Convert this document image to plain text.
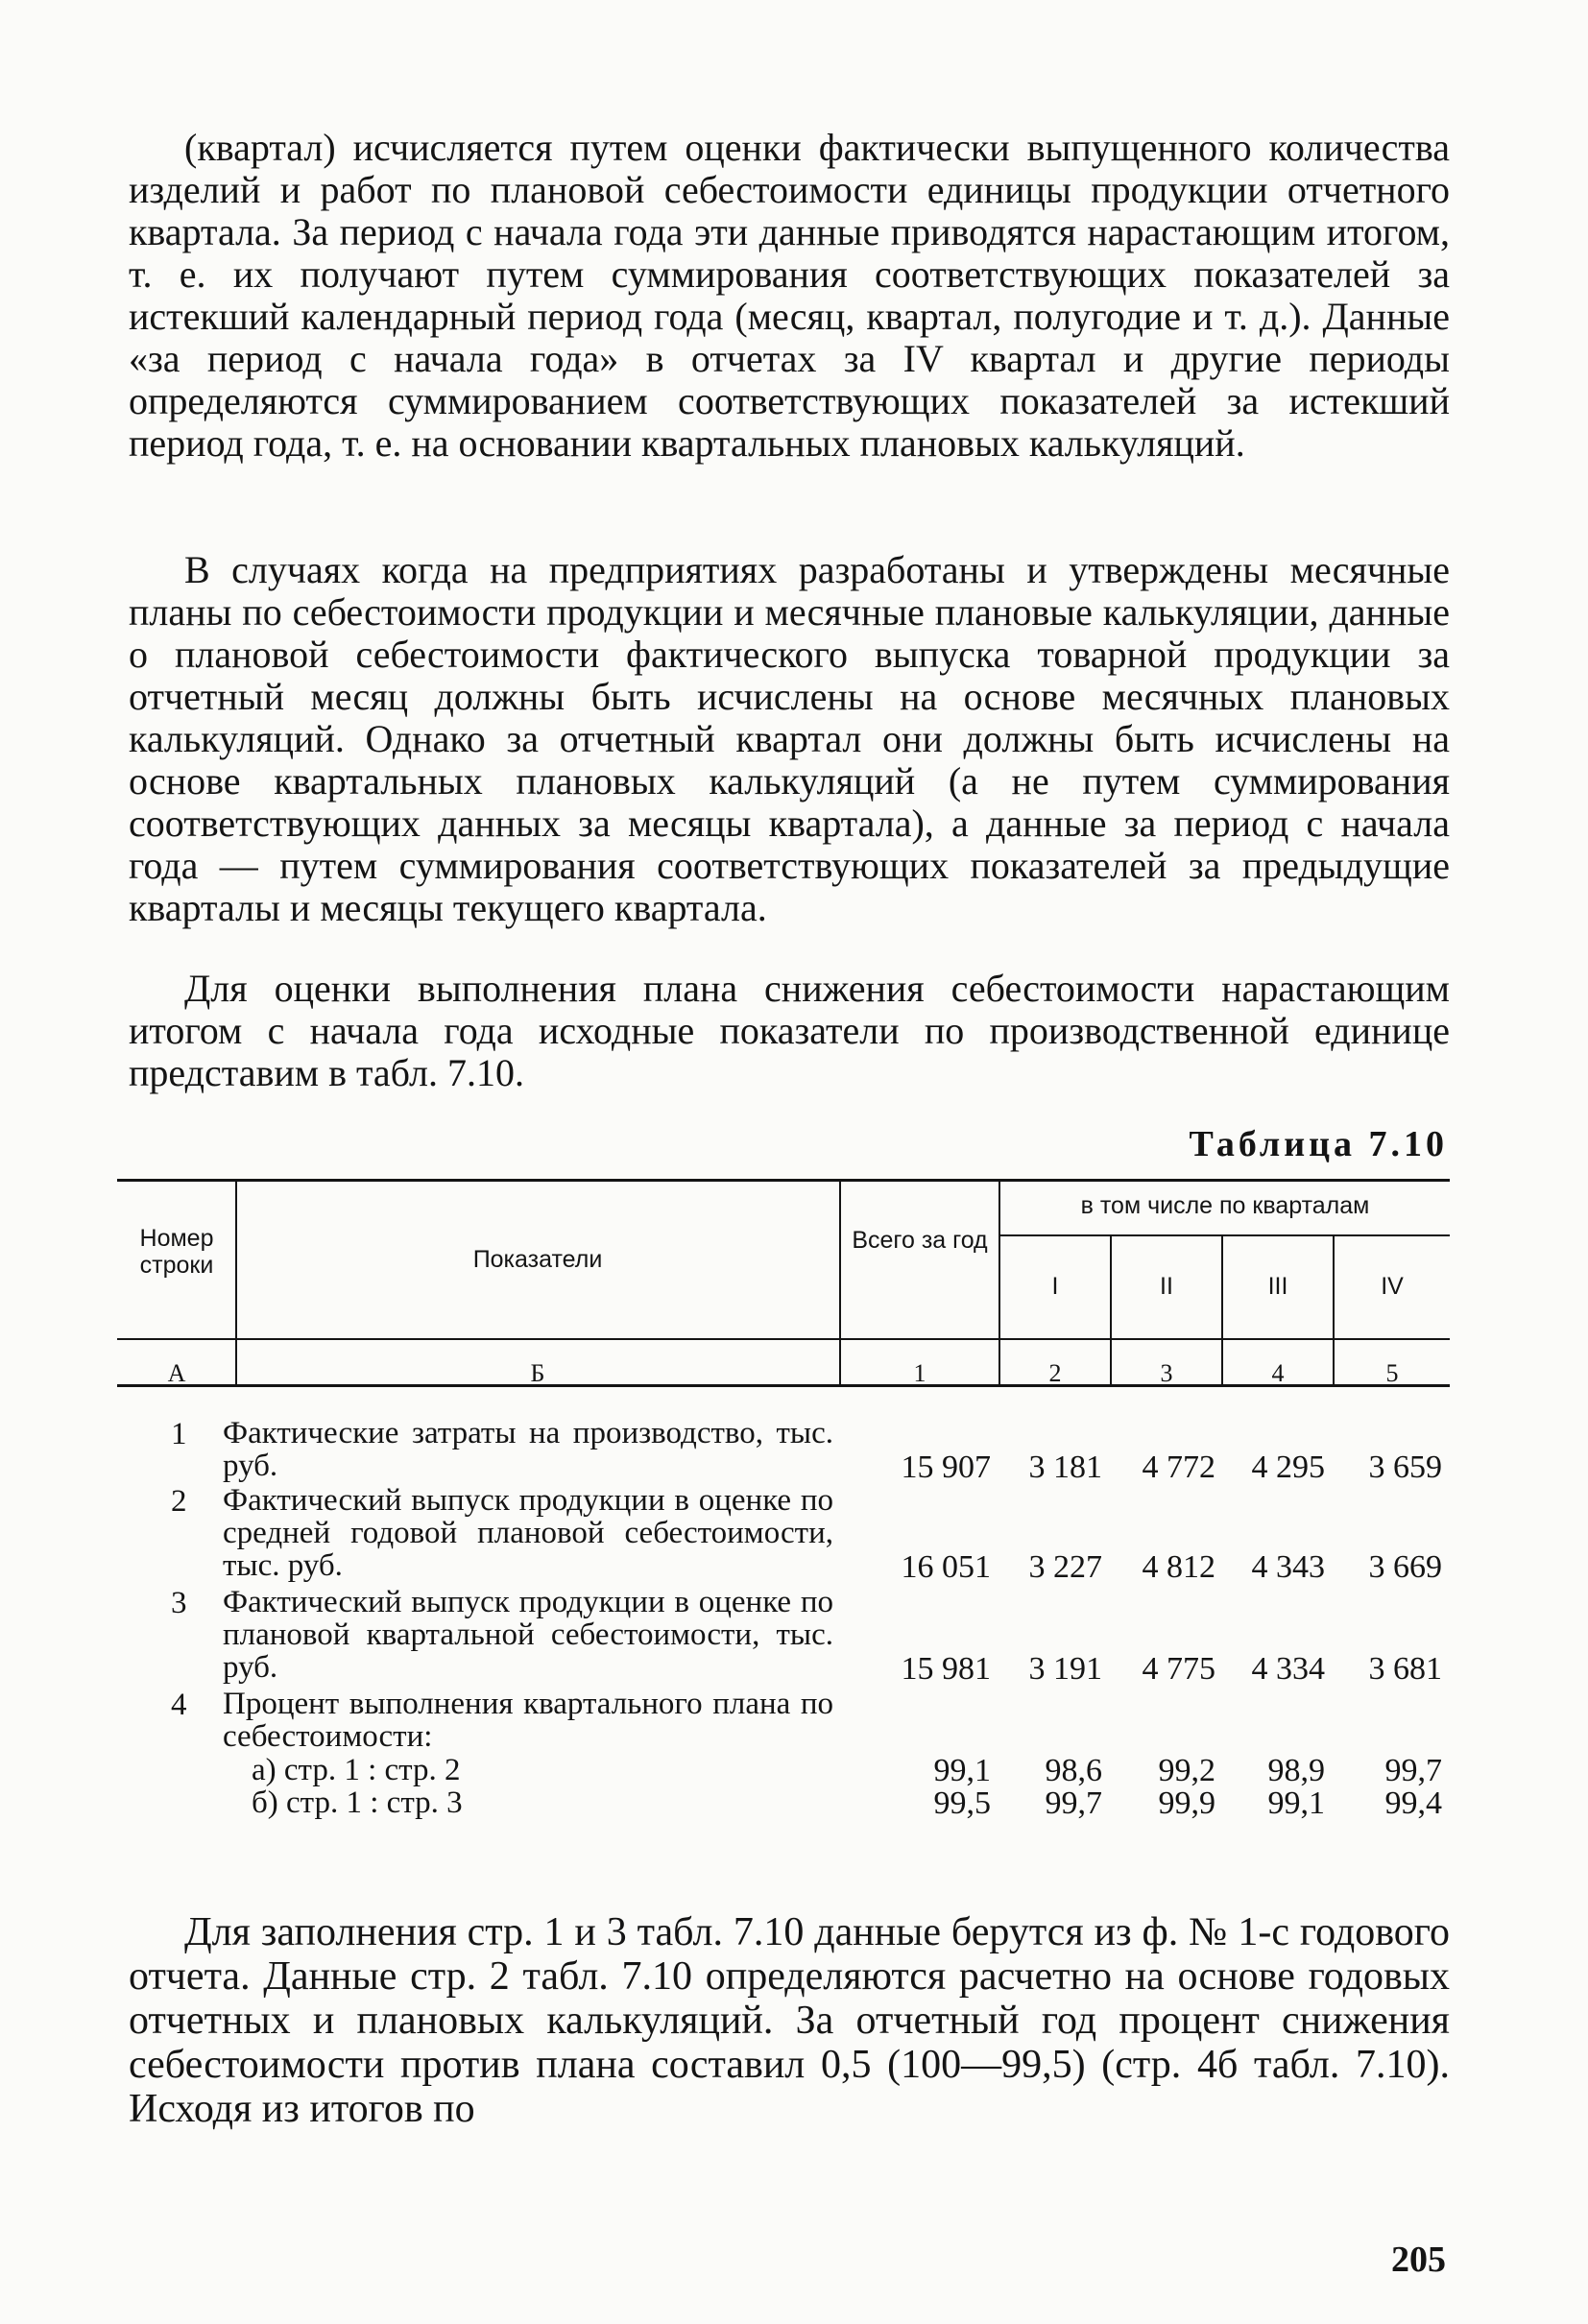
(квартал) исчисляется путем оценки фактически выпущенного количества изделий и работ по плановой себестоимости единицы продукции отчетного квартала. За период с начала года эти данные приводятся нарастающим итогом, т. е. их получают путем суммирования соответствующих показателей за истекший календарный период года (месяц, квартал, полугодие и т. д.). Данные «за период с начала года» в отчетах за IV квартал и другие периоды определяются суммированием соответствующих показателей за истекший период года, т. е. на основании квартальных плановых калькуляций.

В случаях когда на предприятиях разработаны и утверждены месячные планы по себестоимости продукции и месячные плановые калькуляции, данные о плановой себестоимости фактического выпуска товарной продукции за отчетный месяц должны быть исчислены на основе месячных плановых калькуляций. Однако за отчетный квартал они должны быть исчислены на основе квартальных плановых калькуляций (а не путем суммирования соответствующих данных за месяцы квартала), а данные за период с начала года — путем суммирования соответствующих показателей за предыдущие кварталы и месяцы текущего квартала.

Для оценки выполнения плана снижения себестоимости нарастающим итогом с начала года исходные показатели по производственной единице представим в табл. 7.10.

Таблица 7.10
Номер строки	Показатели
Всего за год
в том числе по кварталам
I	II	III	IV
А	Б	1	2	3	4	5
1 Фактические затраты на производство, тыс. руб.	15 907	3 181	4 772	4 295	3 659
2 Фактический выпуск продукции в оценке по средней годовой плановой себестоимости, тыс. руб.	16 051	3 227	4 812	4 343	3 669
3 Фактический выпуск продукции в оценке по плановой квартальной себестоимости, тыс. руб.	15 981	3 191	4 775	4 334	3 681
4 Процент выполнения квартального плана по себестоимости:
а) стр. 1 : стр. 2	99,1	98,6	99,2	98,9	99,7
б) стр. 1 : стр. 3	99,5	99,7	99,9	99,1	99,4

Для заполнения стр. 1 и 3 табл. 7.10 данные берутся из ф. № 1-с годового отчета. Данные стр. 2 табл. 7.10 определяются расчетно на основе годовых отчетных и плановых калькуляций. За отчетный год процент снижения себестоимости против плана составил 0,5 (100—99,5) (стр. 4б табл. 7.10). Исходя из итогов по

205
